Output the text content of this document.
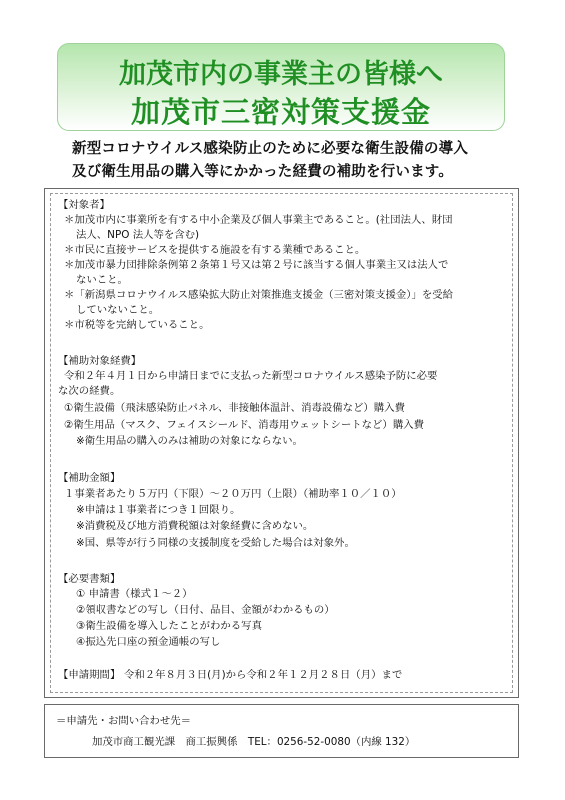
加茂市内の事業主の皆様へ
加茂市三密対策支援金
新型コロナウイルス感染防止のために必要な衛生設備の導入
及び衛生用品の購入等にかかった経費の補助を行います。
【対象者】
＊加茂市内に事業所を有する中小企業及び個人事業主であること。(社団法人、財団
法人、NPO 法人等を含む)
＊市民に直接サービスを提供する施設を有する業種であること。
＊加茂市暴力団排除条例第２条第１号又は第２号に該当する個人事業主又は法人で
ないこと。
＊「新潟県コロナウイルス感染拡大防止対策推進支援金（三密対策支援金）」を受給
していないこと。
＊市税等を完納していること。
【補助対象経費】
令和２年４月１日から申請日までに支払った新型コロナウイルス感染予防に必要
な次の経費。
①衛生設備（飛沫感染防止パネル、非接触体温計、消毒設備など）購入費
②衛生用品（マスク、フェイスシールド、消毒用ウェットシートなど）購入費
※衛生用品の購入のみは補助の対象にならない。
【補助金額】
１事業者あたり５万円（下限）～２０万円（上限）（補助率１０／１０）
※申請は１事業者につき１回限り。
※消費税及び地方消費税額は対象経費に含めない。
※国、県等が行う同様の支援制度を受給した場合は対象外。
【必要書類】
① 申請書（様式１～２）
②領収書などの写し（日付、品目、金額がわかるもの）
③衛生設備を導入したことがわかる写真
④振込先口座の預金通帳の写し
【申請期間】 令和２年８月３日(月)から令和２年１２月２８日（月）まで
＝申請先・お問い合わせ先＝
加茂市商工観光課　商工振興係　TEL：0256-52-0080（内線 132）
